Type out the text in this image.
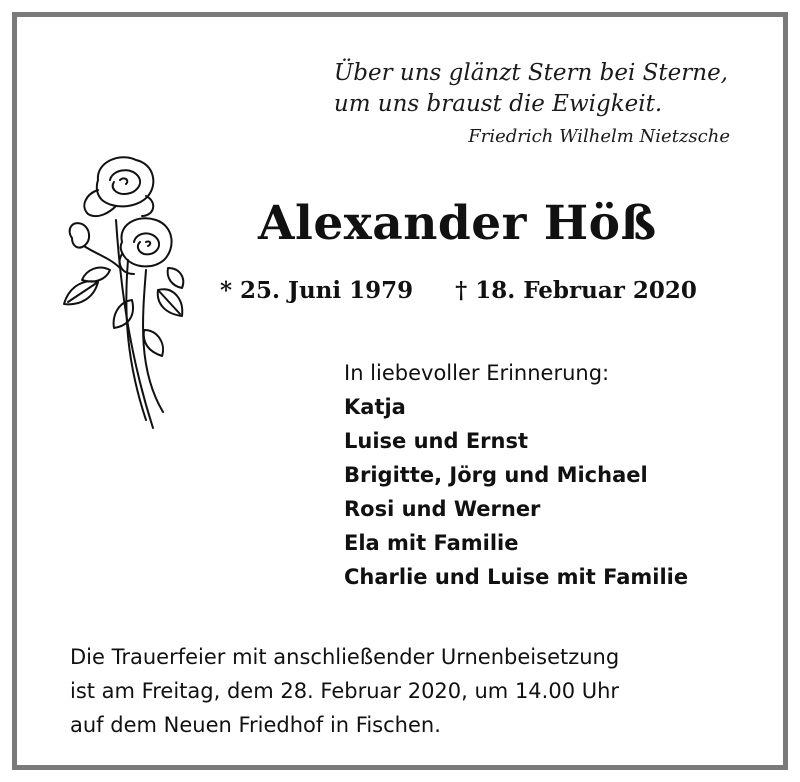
Über uns glänzt Stern bei Sterne,
um uns braust die Ewigkeit.
Friedrich Wilhelm Nietzsche
Alexander Höß
* 25. Juni 1979 † 18. Februar 2020
In liebevoller Erinnerung:
Katja
Luise und Ernst
Brigitte, Jörg und Michael
Rosi und Werner
Ela mit Familie
Charlie und Luise mit Familie
Die Trauerfeier mit anschließender Urnenbeisetzung
ist am Freitag, dem 28. Februar 2020, um 14.00 Uhr
auf dem Neuen Friedhof in Fischen.
